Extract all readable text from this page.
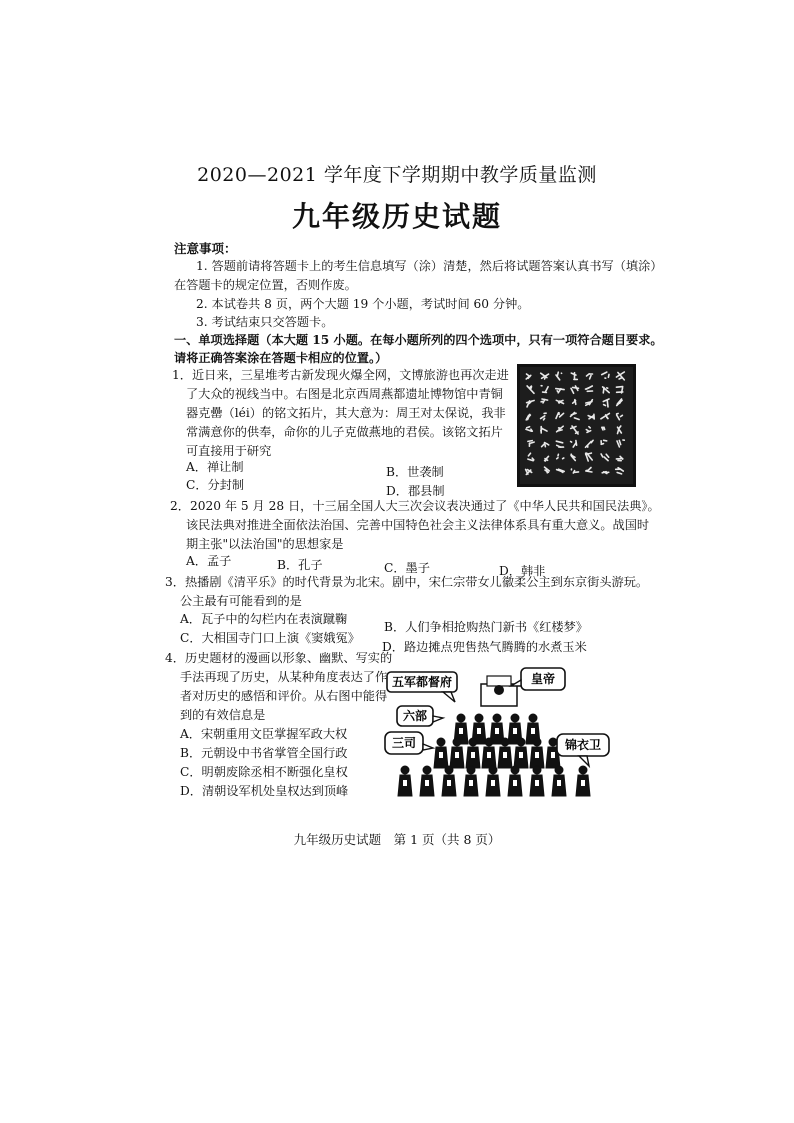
2020—2021 学年度下学期期中教学质量监测
九年级历史试题
注意事项：
1. 答题前请将答题卡上的考生信息填写（涂）清楚，然后将试题答案认真书写（填涂）
在答题卡的规定位置，否则作废。
2. 本试卷共 8 页，两个大题 19 个小题，考试时间 60 分钟。
3. 考试结束只交答题卡。
一、单项选择题（本大题 15 小题。在每小题所列的四个选项中，只有一项符合题目要求。
请将正确答案涂在答题卡相应的位置。）
1．近日来，三星堆考古新发现火爆全网，文博旅游也再次走进
了大众的视线当中。右图是北京西周燕都遗址博物馆中青铜
器克罍（léi）的铭文拓片，其大意为：周王对太保说，我非
常满意你的供奉，命你的儿子克做燕地的君侯。该铭文拓片
可直接用于研究
A．禅让制	B．世袭制
C．分封制	D．郡县制
2．2020 年 5 月 28 日，十三届全国人大三次会议表决通过了《中华人民共和国民法典》。
该民法典对推进全面依法治国、完善中国特色社会主义法律体系具有重大意义。战国时
期主张"以法治国"的思想家是
A．孟子	B．孔子	C．墨子	D．韩非
3．热播剧《清平乐》的时代背景为北宋。剧中，宋仁宗带女儿徽柔公主到东京街头游玩。
公主最有可能看到的是
A．瓦子中的勾栏内在表演蹴鞠
B．人们争相抢购热门新书《红楼梦》
C．大相国寺门口上演《窦娥冤》
D．路边摊点兜售热气腾腾的水煮玉米
4．历史题材的漫画以形象、幽默、写实的
手法再现了历史，从某种角度表达了作
者对历史的感悟和评价。从右图中能得
到的有效信息是
A．宋朝重用文臣掌握军政大权
B．元朝设中书省掌管全国行政
C．明朝废除丞相不断强化皇权
D．清朝设军机处皇权达到顶峰
五军都督府	皇帝
六部
三司	锦衣卫
九年级历史试题　第 1 页（共 8 页）
